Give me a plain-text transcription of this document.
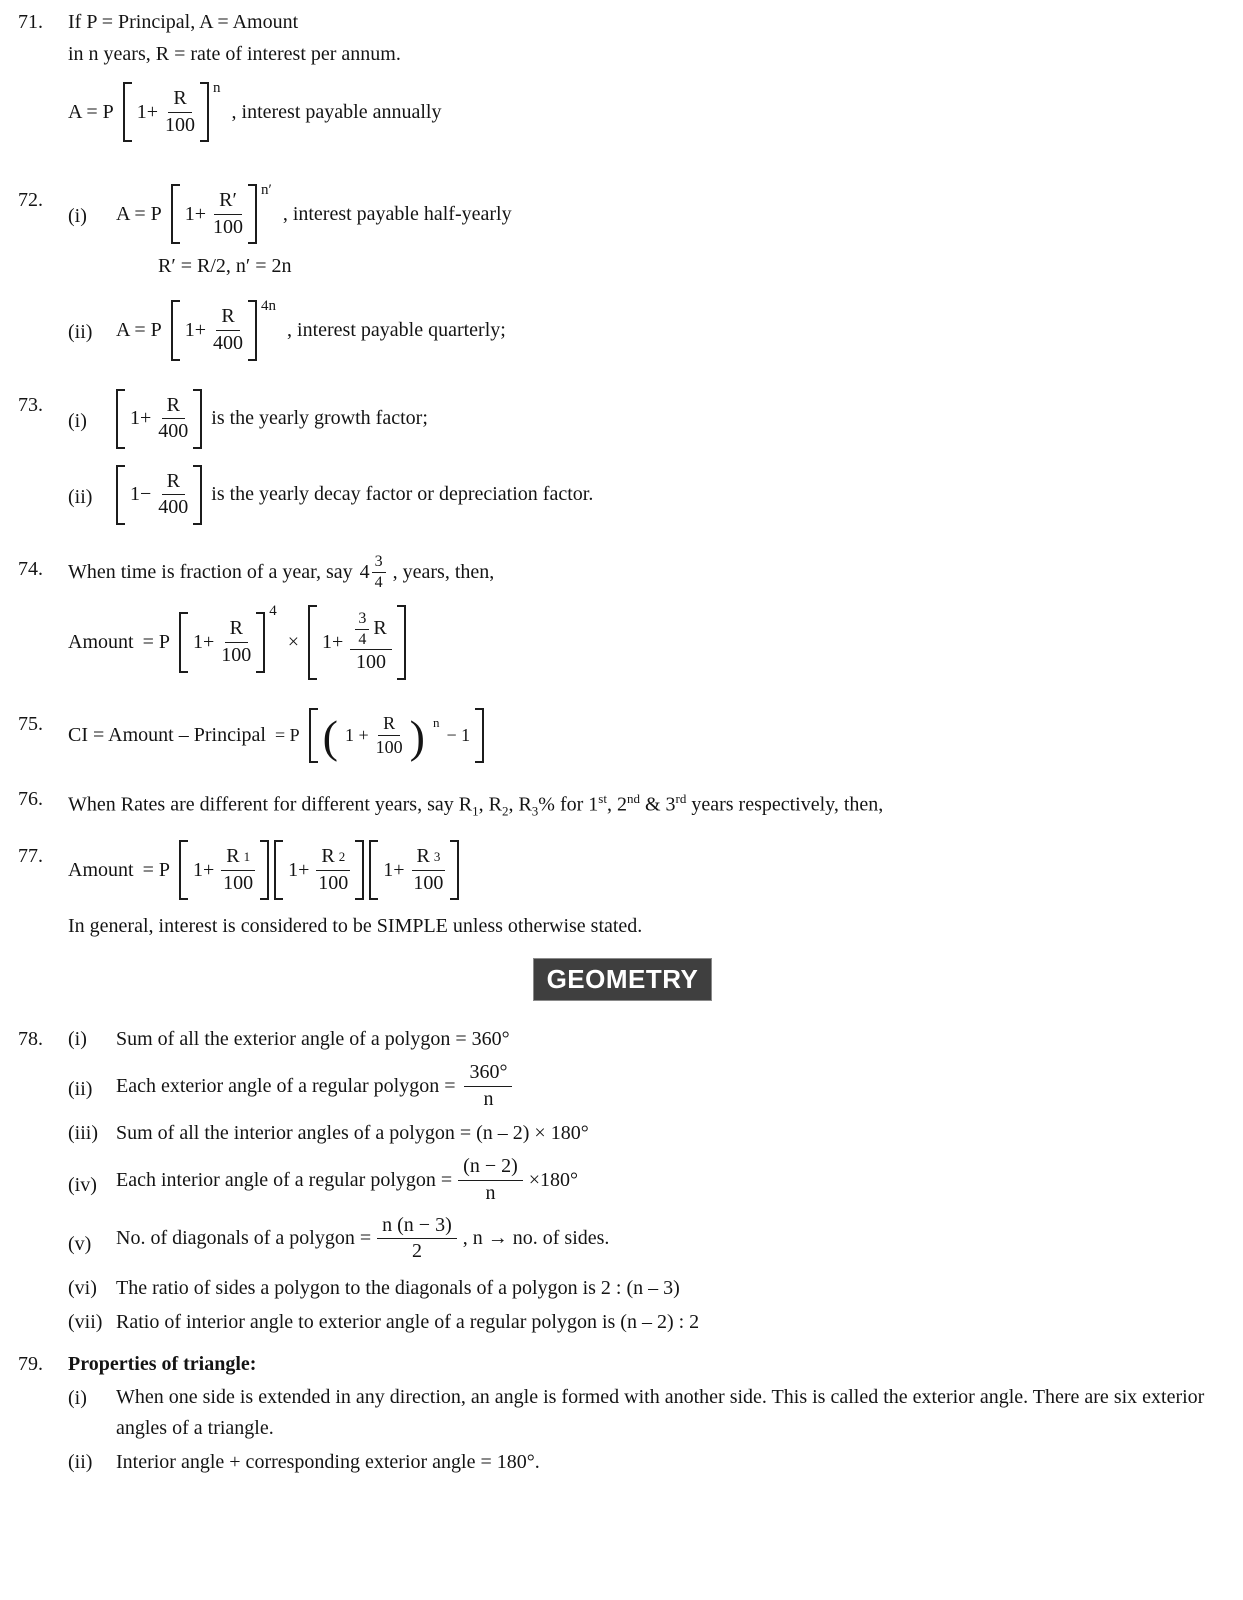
71.	If P = Principal, A = Amount
in n years, R = rate of interest per annum.
A = P $1+ \frac{R}{100}$ n
, interest payable annually
72.
(i)	A = P $1+ \frac{R'}{100} n'$
, interest payable half-yearly
R′ = R/2, n′ = 2n
(ii)	A = P $1+ \frac{R}{400} 4n$
, interest payable quarterly;
73.
(i)	$1+ \frac{R}{400}$ is the yearly growth factor;
(ii)	$1- \frac{R}{400}$ is the yearly decay factor or depreciation factor.
74.	When time is fraction of a year, say $4 \frac{3}{4}$ , years, then,
Amount = P $1+ \frac{R}{100}$
4
× $1+ \frac{\frac{3}{4} R}{100}$
75.
CI = Amount – Principal = P ( $1 + \frac{R}{100}$ ) n
− 1
76.	When Rates are different for different years, say $R_1$, $R_2$, $R_3\%$ for 1st, 2nd & 3rd years respectively, then,
77.
Amount = P $1+ \frac{R 1}{100} 1+ \frac{R 2}{100} 1+ \frac{R 3}{100}$
In general, interest is considered to be SIMPLE unless otherwise stated.
GEOMETRY
78.	(i)	Sum of all the exterior angle of a polygon = 360°
(ii)	Each exterior angle of a regular polygon = $\frac{360^\circ}{n}$
(iii) Sum of all the interior angles of a polygon = (n – 2) × 180°
(iv) Each interior angle of a regular polygon = $\frac{(n - 2)}{n} \times 180^\circ$
(v)	No. of diagonals of a polygon = $\frac{n (n - 3)}{2}$ , n → no. of sides.
(vi) The ratio of sides a polygon to the diagonals of a polygon is 2 : (n – 3)
(vii) Ratio of interior angle to exterior angle of a regular polygon is (n – 2) : 2
79.	Properties of triangle:
(i)	When one side is extended in any direction, an angle is formed with another side. This is called the exterior angle. There are six exterior angles of a triangle.
(ii)	Interior angle + corresponding exterior angle = 180°.
